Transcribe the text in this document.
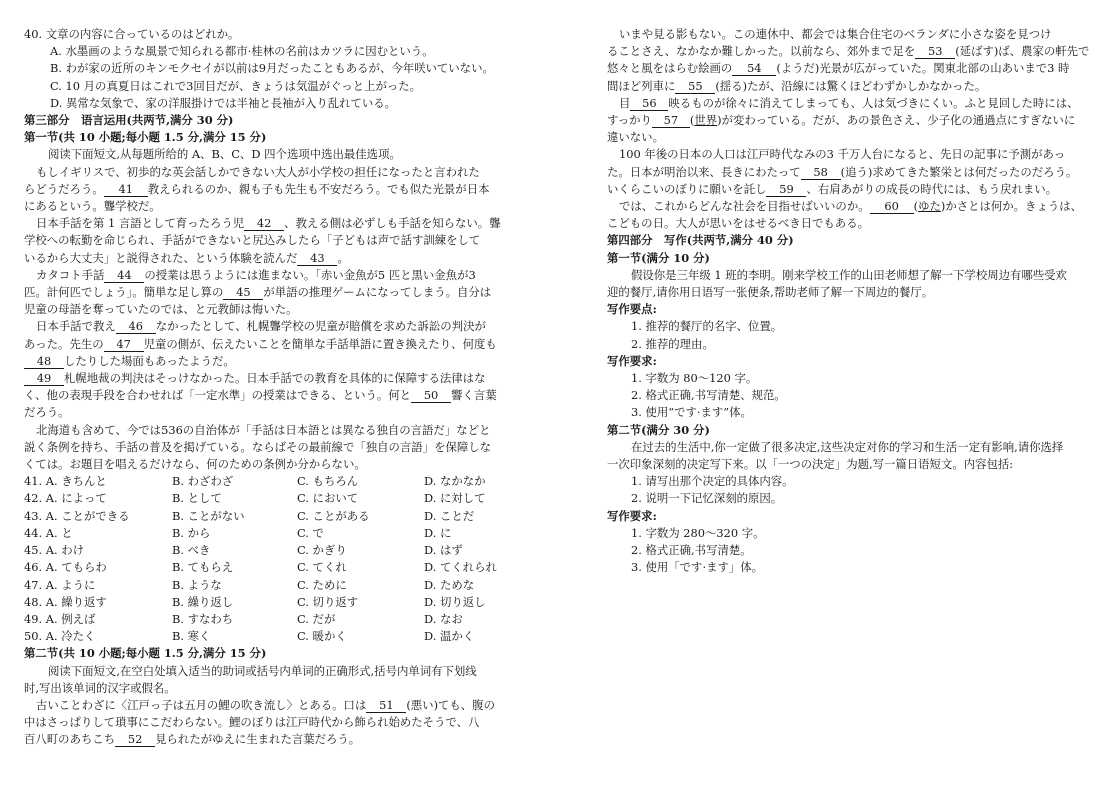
40. 文章の内容に合っているのはどれか。
A. 水墨画のような風景で知られる都市·桂林の名前はカツラに因むという。
B. わが家の近所のキンモクセイが以前は9月だったこともあるが、今年咲いていない。
C. 10 月の真夏日はこれで3回目だが、きょうは気温がぐっと上がった。
D. 異常な気象で、家の洋服掛けでは半袖と長袖が入り乱れている。
第三部分　语言运用(共两节,满分 30 分)
第一节(共 10 小题;每小题 1.5 分,满分 15 分)
阅读下面短文,从每题所给的 A、B、C、D 四个选项中选出最佳选项。
もしイギリスで、初歩的な英会話しかできない大人が小学校の担任になったと言われた
らどうだろう。 41 教えられるのか、親も子も先生も不安だろう。でも似た光景が日本
にあるという。聾学校だ。
日本手話を第 1 言語として育ったろう児 42 、教える側は必ずしも手話を知らない。聾
学校への転勤を命じられ、手話ができないと尻込みしたら「子どもは声で話す訓練をして
いるから大丈夫」と説得された、という体験を読んだ 43 。
カタコト手話 44 の授業は思うようには進まない。「赤い金魚が5 匹と黒い金魚が3
匹。計何匹でしょう」。簡単な足し算の 45 が単語の推理ゲームになってしまう。自分は
児童の母語を奪っていたのでは、と元教師は悔いた。
日本手話で教え 46 なかったとして、札幌聾学校の児童が賠償を求めた訴訟の判決が
あった。先生の 47 児童の側が、伝えたいことを簡単な手話単語に置き換えたり、何度も
48 したりした場面もあったようだ。
49 札幌地裁の判決はそっけなかった。日本手話での教育を具体的に保障する法律はな
く、他の表現手段を合わせれば「一定水準」の授業はできる、という。何と 50 響く言葉
だろう。
北海道も含めて、今では536の自治体が「手話は日本語とは異なる独自の言語だ」などと
説く条例を持ち、手話の普及を掲げている。ならばその最前線で「独自の言語」を保障しな
くては。お題目を唱えるだけなら、何のための条例か分からない。
41. A. きちんと	B. わざわざ	C. もちろん	D. なかなか
42. A. によって	B. として	C. において	D. に対して
43. A. ことができる	B. ことがない	C. ことがある	D. ことだ
44. A. と	B. から	C. で	D. に
45. A. わけ	B. べき	C. かぎり	D. はず
46. A. てもらわ	B. てもらえ	C. てくれ	D. てくれられ
47. A. ように	B. ような	C. ために	D. ためな
48. A. 繰り返す	B. 繰り返し	C. 切り返す	D. 切り返し
49. A. 例えば	B. すなわち	C. だが	D. なお
50. A. 冷たく	B. 寒く	C. 暖かく	D. 温かく
第二节(共 10 小题;每小题 1.5 分,满分 15 分)
阅读下面短文,在空白处填入适当的助词或括号内单词的正确形式,括号内单词有下划线
时,写出该单词的汉字或假名。
古いことわざに〈江戸っ子は五月の鯉の吹き流し〉とある。口は 51 (悪い)ても、腹の
中はさっぱりして瑣事にこだわらない。鯉のぼりは江戸時代から飾られ始めたそうで、八
百八町のあちこち 52 見られたがゆえに生まれた言葉だろう。
いまや見る影もない。この連休中、都会では集合住宅のベランダに小さな姿を見つけ
ることさえ、なかなか難しかった。以前なら、郊外まで足を 53 (延ばす)ば、農家の軒先で
悠々と風をはらむ絵画の 54 (ようだ)光景が広がっていた。関東北部の山あいまで3 時
間ほど列車に 55 (揺る)たが、沿線には驚くほどわずかしかなかった。
目 56 映るものが徐々に消えてしまっても、人は気づきにくい。ふと見回した時には、
すっかり 57 (世界)が変わっている。だが、あの景色さえ、少子化の通過点にすぎないに
違いない。
100 年後の日本の人口は江戸時代なみの3 千万人台になると、先日の記事に予測があっ
た。日本が明治以来、長きにわたって 58 (追う)求めてきた繁栄とは何だったのだろう。
いくらこいのぼりに願いを託し 59 、右肩あがりの成長の時代には、もう戻れまい。
では、これからどんな社会を目指せばいいのか。 60 (ゆた)かさとは何か。きょうは、
こどもの日。大人が思いをはせるべき日でもある。
第四部分　写作(共两节,满分 40 分)
第一节(满分 10 分)
假设你是三年级 1 班的李明。刚来学校工作的山田老师想了解一下学校周边有哪些受欢
迎的餐厅,请你用日语写一张便条,帮助老师了解一下周边的餐厅。
写作要点:
1. 推荐的餐厅的名字、位置。
2. 推荐的理由。
写作要求:
1. 字数为 80～120 字。
2. 格式正确,书写清楚、规范。
3. 使用“です·ます”体。
第二节(满分 30 分)
在过去的生活中,你一定做了很多决定,这些决定对你的学习和生活一定有影响,请你选择
一次印象深刻的决定写下来。以「一つの決定」为题,写一篇日语短文。内容包括:
1. 请写出那个决定的具体内容。
2. 说明一下记忆深刻的原因。
写作要求:
1. 字数为 280～320 字。
2. 格式正确,书写清楚。
3. 使用「です·ます」体。
